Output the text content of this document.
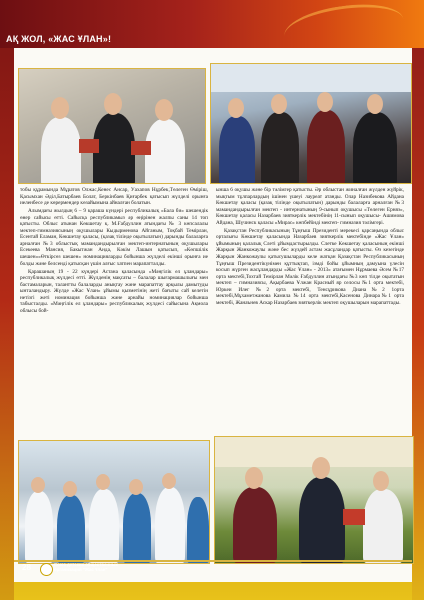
АҚ ЖОЛ, «ЖАС ҰЛАН»!

тобы құрамында Мұратов Олжас,Кенес Ансар, Уахапов Нұрбек,Төлеген Өміріш, Қасымхан Әділ,Батырбаев Болат, Беркінбаев Қиғарбек қатысып жүлделі орынға иеленбесе де көрермендер көзайымына айналған болатын.

Алымдағы жылдың 6 – 9 қараша күндері республикалық «Бала би» шешендік өнер сайысы өтті. Сайысқа республикамыз әр өңірінен жалпы саны 14 топ қатысты. Облыс атынан Көкшетау қ. М.Ғабдуллин атындағы № 3 көпсалалы мектеп-гимназиясының оқушылары Кыдырменова Айганым, Тоқбай Темірлан, Есентай Еламан, Көкшетау қаласы, (қазақ тілінде оқытылатын) дарынды балаларға арналған №3 облыстық мамандандырылған мектеп-интернатының оқушылары Есекеева Мансия, Бакытжан Анда, Кәкім Лашын қатысып, «Көпшілік шешен»«Өткірсөз шешен» номинацияларды бойынша жүлделі екінші орынға ие болды және белсенді қатысқан үшін алғыс хатпен марапатталды.

Қарашаның 19 - 22 күндері Астана қаласында «Мәңгілік ел ұландары» республикалық жүлдесі өтті. Жүлденің мақсаты – балалар шығармашылығы мен бастамаларын, талантты балаларды анықтау және марапаттау арқылы дамытуды ынталандыру. Жүлде «Жас Ұлан» ұйымы қызметінің жеті бағыты сай келетін нетізгі жеті номинация бойынша және арнайы номинациялар бойынша табысталды. «Мәңгілік ел ұландары» республикалық жүлдесі сайысына Ақмола облысы бой-

ынша 6 оқушы және бір тәлімгер қатысты. Әр облыстан жиналған жүлден жүйрік, мықтым тұлпарлардың ішінен үшеуі лауреат атанды. Олар Назибекова Айдана Көкшетау қаласы (қазақ тілінде оқытылатын) дарынды балаларға арналған №3 мамандандырылған мектеп - интернатының 9-сынып оқушысы «Төлеген Ерняз», Көкшетау қаласы Назарбаев зияткерлік мектебінің 11-сынып оқушысы- Ашимова Айдана, Шүчинск қаласы «Мирас» көпбейінді мектеп- гимназия тәлімгері.

Қазақстан Республикасының Тұңғыш Президенті мерекесі қарсаңында облыс орталығы Көкшетау қаласында Назарбаев зияткерлік мектебінде «Жас Ұлан» ұйымының қалалық Слеті ұйымдастырылды. Слетке Көкшетау қаласының екінші Жарқын Жанкожаулы және бес жүздей астам жасұландар қатысты. Өз кезегінде Жарқын Жанкожаулы қатысушыларды келе жатқан Қазақстан Республикасының Тұңғыш Президентікүнімен құттықтап, ізмді бойы ұйымның дамуына үлесін косып жүрген жасұландарды «Жас Ұлан» - 2013» атағымен Нұрмаева Әсем №17 орта мектебі,Тохтай Темірлан Мәлік Ғабдуллин атындағы №3 көп тілде оқытатын мектеп – гимназиясы, Ақырбаева Ұлжан Красный яр селосы №1 орта мектебі, Юркеи Илег №2 орта мектебі, Тенсұрикова Диана№2 1орта мектебі,Мұхаметжанова Камила №14 орта мектебі,Касенова Динара№1 орта мектебі, Жанаънев Аскар Назарбаев зияткерлік мектеп оқушыларын марапаттады.

28	Союз детских общественных организаций "Жас Ұлан"
